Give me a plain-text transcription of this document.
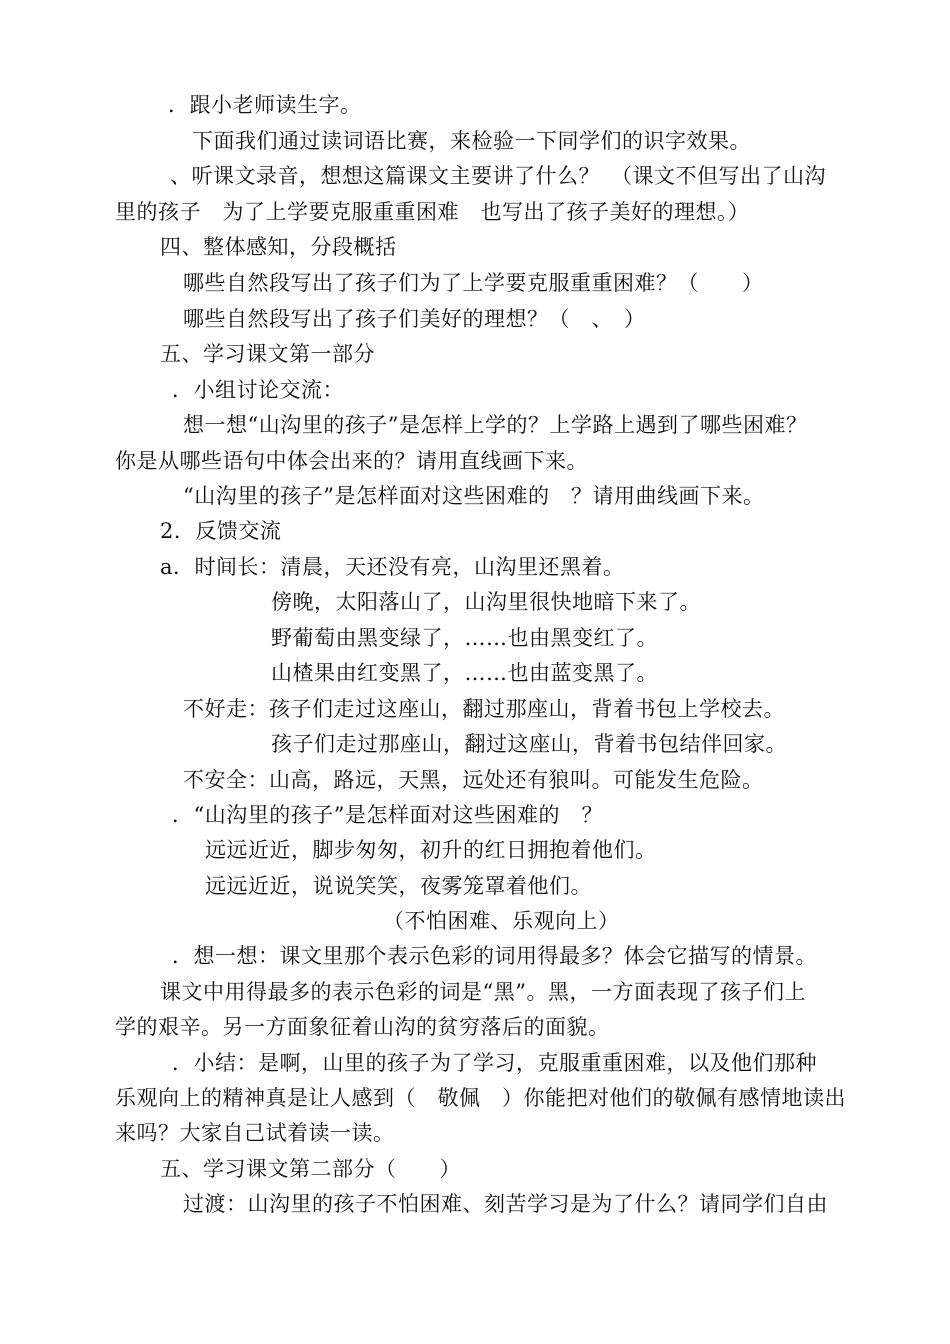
．跟小老师读生字。
下面我们通过读词语比赛，来检验一下同学们的识字效果。
、听课文录音，想想这篇课文主要讲了什么？　（课文不但写出了山沟
里的孩子　为了上学要克服重重困难　也写出了孩子美好的理想。）
四、整体感知，分段概括
哪些自然段写出了孩子们为了上学要克服重重困难？（　　）
哪些自然段写出了孩子们美好的理想？（　、　）
五、学习课文第一部分
．小组讨论交流：
想一想“山沟里的孩子”是怎样上学的？上学路上遇到了哪些困难？
你是从哪些语句中体会出来的？请用直线画下来。
“山沟里的孩子”是怎样面对这些困难的　？请用曲线画下来。
2．反馈交流
a．时间长：清晨，天还没有亮，山沟里还黑着。
傍晚，太阳落山了，山沟里很快地暗下来了。
野葡萄由黑变绿了，……也由黑变红了。
山楂果由红变黑了，……也由蓝变黑了。
不好走：孩子们走过这座山，翻过那座山，背着书包上学校去。
孩子们走过那座山，翻过这座山，背着书包结伴回家。
不安全：山高，路远，天黑，远处还有狼叫。可能发生危险。
．“山沟里的孩子”是怎样面对这些困难的　？
远远近近，脚步匆匆，初升的红日拥抱着他们。
远远近近，说说笑笑，夜雾笼罩着他们。
（不怕困难、乐观向上）
．想一想：课文里那个表示色彩的词用得最多？体会它描写的情景。
课文中用得最多的表示色彩的词是“黑”。黑，一方面表现了孩子们上
学的艰辛。另一方面象征着山沟的贫穷落后的面貌。
．小结：是啊，山里的孩子为了学习，克服重重困难，以及他们那种
乐观向上的精神真是让人感到（　敬佩　）你能把对他们的敬佩有感情地读出
来吗？大家自己试着读一读。
五、学习课文第二部分（　　）
过渡：山沟里的孩子不怕困难、刻苦学习是为了什么？请同学们自由
